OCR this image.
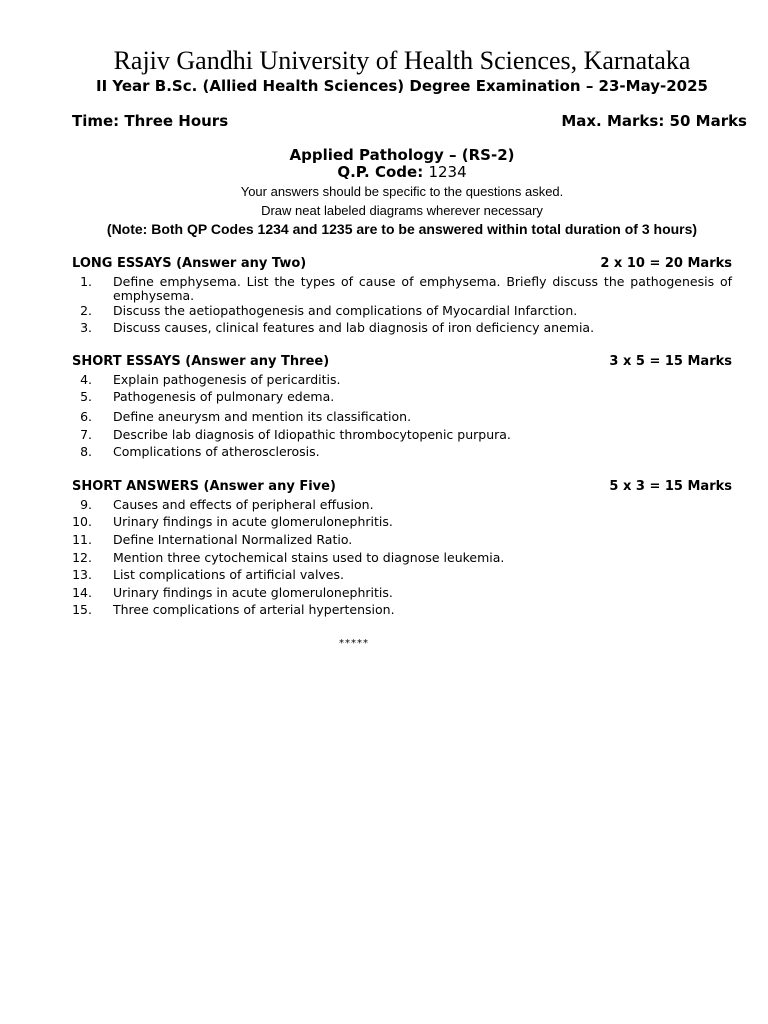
Rajiv Gandhi University of Health Sciences, Karnataka
II Year B.Sc. (Allied Health Sciences) Degree Examination – 23-May-2025
Time: Three Hours	Max. Marks: 50 Marks
Applied Pathology – (RS-2)
Q.P. Code: 1234
Your answers should be specific to the questions asked.
Draw neat labeled diagrams wherever necessary
(Note: Both QP Codes 1234 and 1235 are to be answered within total duration of 3 hours)
LONG ESSAYS (Answer any Two)	2 x 10 = 20 Marks
1. Define emphysema. List the types of cause of emphysema. Briefly discuss the pathogenesis of emphysema.
2. Discuss the aetiopathogenesis and complications of Myocardial Infarction.
3. Discuss causes, clinical features and lab diagnosis of iron deficiency anemia.
SHORT ESSAYS (Answer any Three)	3 x 5 = 15 Marks
4. Explain pathogenesis of pericarditis.
5. Pathogenesis of pulmonary edema.
6. Define aneurysm and mention its classification.
7. Describe lab diagnosis of Idiopathic thrombocytopenic purpura.
8. Complications of atherosclerosis.
SHORT ANSWERS (Answer any Five)	5 x 3 = 15 Marks
9. Causes and effects of peripheral effusion.
10. Urinary findings in acute glomerulonephritis.
11. Define International Normalized Ratio.
12. Mention three cytochemical stains used to diagnose leukemia.
13. List complications of artificial valves.
14. Urinary findings in acute glomerulonephritis.
15. Three complications of arterial hypertension.
*****
